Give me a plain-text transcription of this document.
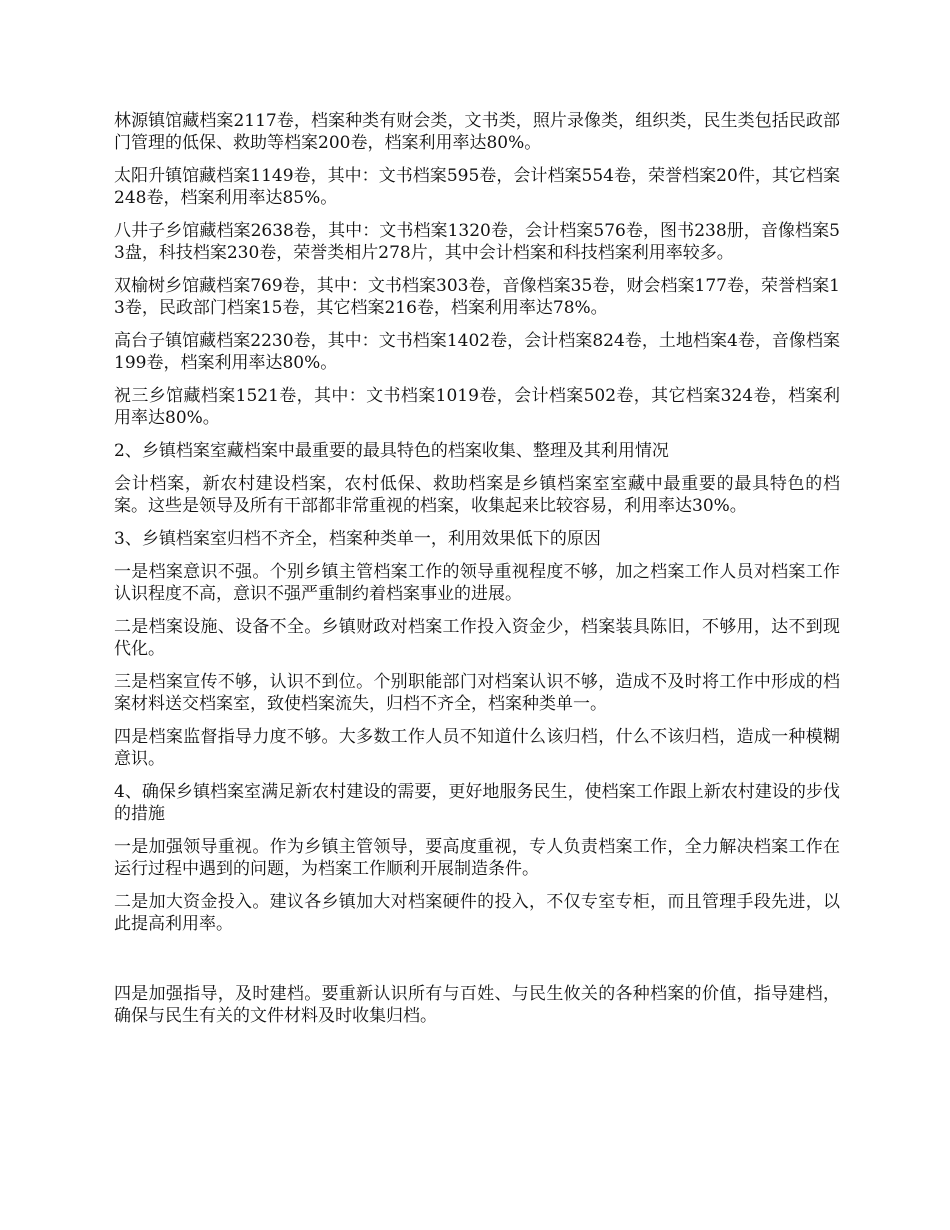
林源镇馆藏档案2117卷，档案种类有财会类，文书类，照片录像类，组织类，民生类包括民政部门管理的低保、救助等档案200卷，档案利用率达80%。

太阳升镇馆藏档案1149卷，其中：文书档案595卷，会计档案554卷，荣誉档案20件，其它档案248卷，档案利用率达85%。

八井子乡馆藏档案2638卷，其中：文书档案1320卷，会计档案576卷，图书238册，音像档案53盘，科技档案230卷，荣誉类相片278片，其中会计档案和科技档案利用率较多。

双榆树乡馆藏档案769卷，其中：文书档案303卷，音像档案35卷，财会档案177卷，荣誉档案13卷，民政部门档案15卷，其它档案216卷，档案利用率达78%。

高台子镇馆藏档案2230卷，其中：文书档案1402卷，会计档案824卷，土地档案4卷，音像档案199卷，档案利用率达80%。

祝三乡馆藏档案1521卷，其中：文书档案1019卷，会计档案502卷，其它档案324卷，档案利用率达80%。

2、乡镇档案室藏档案中最重要的最具特色的档案收集、整理及其利用情况

会计档案，新农村建设档案，农村低保、救助档案是乡镇档案室室藏中最重要的最具特色的档案。这些是领导及所有干部都非常重视的档案，收集起来比较容易，利用率达30%。

3、乡镇档案室归档不齐全，档案种类单一，利用效果低下的原因

一是档案意识不强。个别乡镇主管档案工作的领导重视程度不够，加之档案工作人员对档案工作认识程度不高，意识不强严重制约着档案事业的进展。

二是档案设施、设备不全。乡镇财政对档案工作投入资金少，档案装具陈旧，不够用，达不到现代化。

三是档案宣传不够，认识不到位。个别职能部门对档案认识不够，造成不及时将工作中形成的档案材料送交档案室，致使档案流失，归档不齐全，档案种类单一。

四是档案监督指导力度不够。大多数工作人员不知道什么该归档，什么不该归档，造成一种模糊意识。

4、确保乡镇档案室满足新农村建设的需要，更好地服务民生，使档案工作跟上新农村建设的步伐的措施

一是加强领导重视。作为乡镇主管领导，要高度重视，专人负责档案工作，全力解决档案工作在运行过程中遇到的问题，为档案工作顺利开展制造条件。

二是加大资金投入。建议各乡镇加大对档案硬件的投入，不仅专室专柜，而且管理手段先进，以此提高利用率。

四是加强指导，及时建档。要重新认识所有与百姓、与民生攸关的各种档案的价值，指导建档，确保与民生有关的文件材料及时收集归档。
